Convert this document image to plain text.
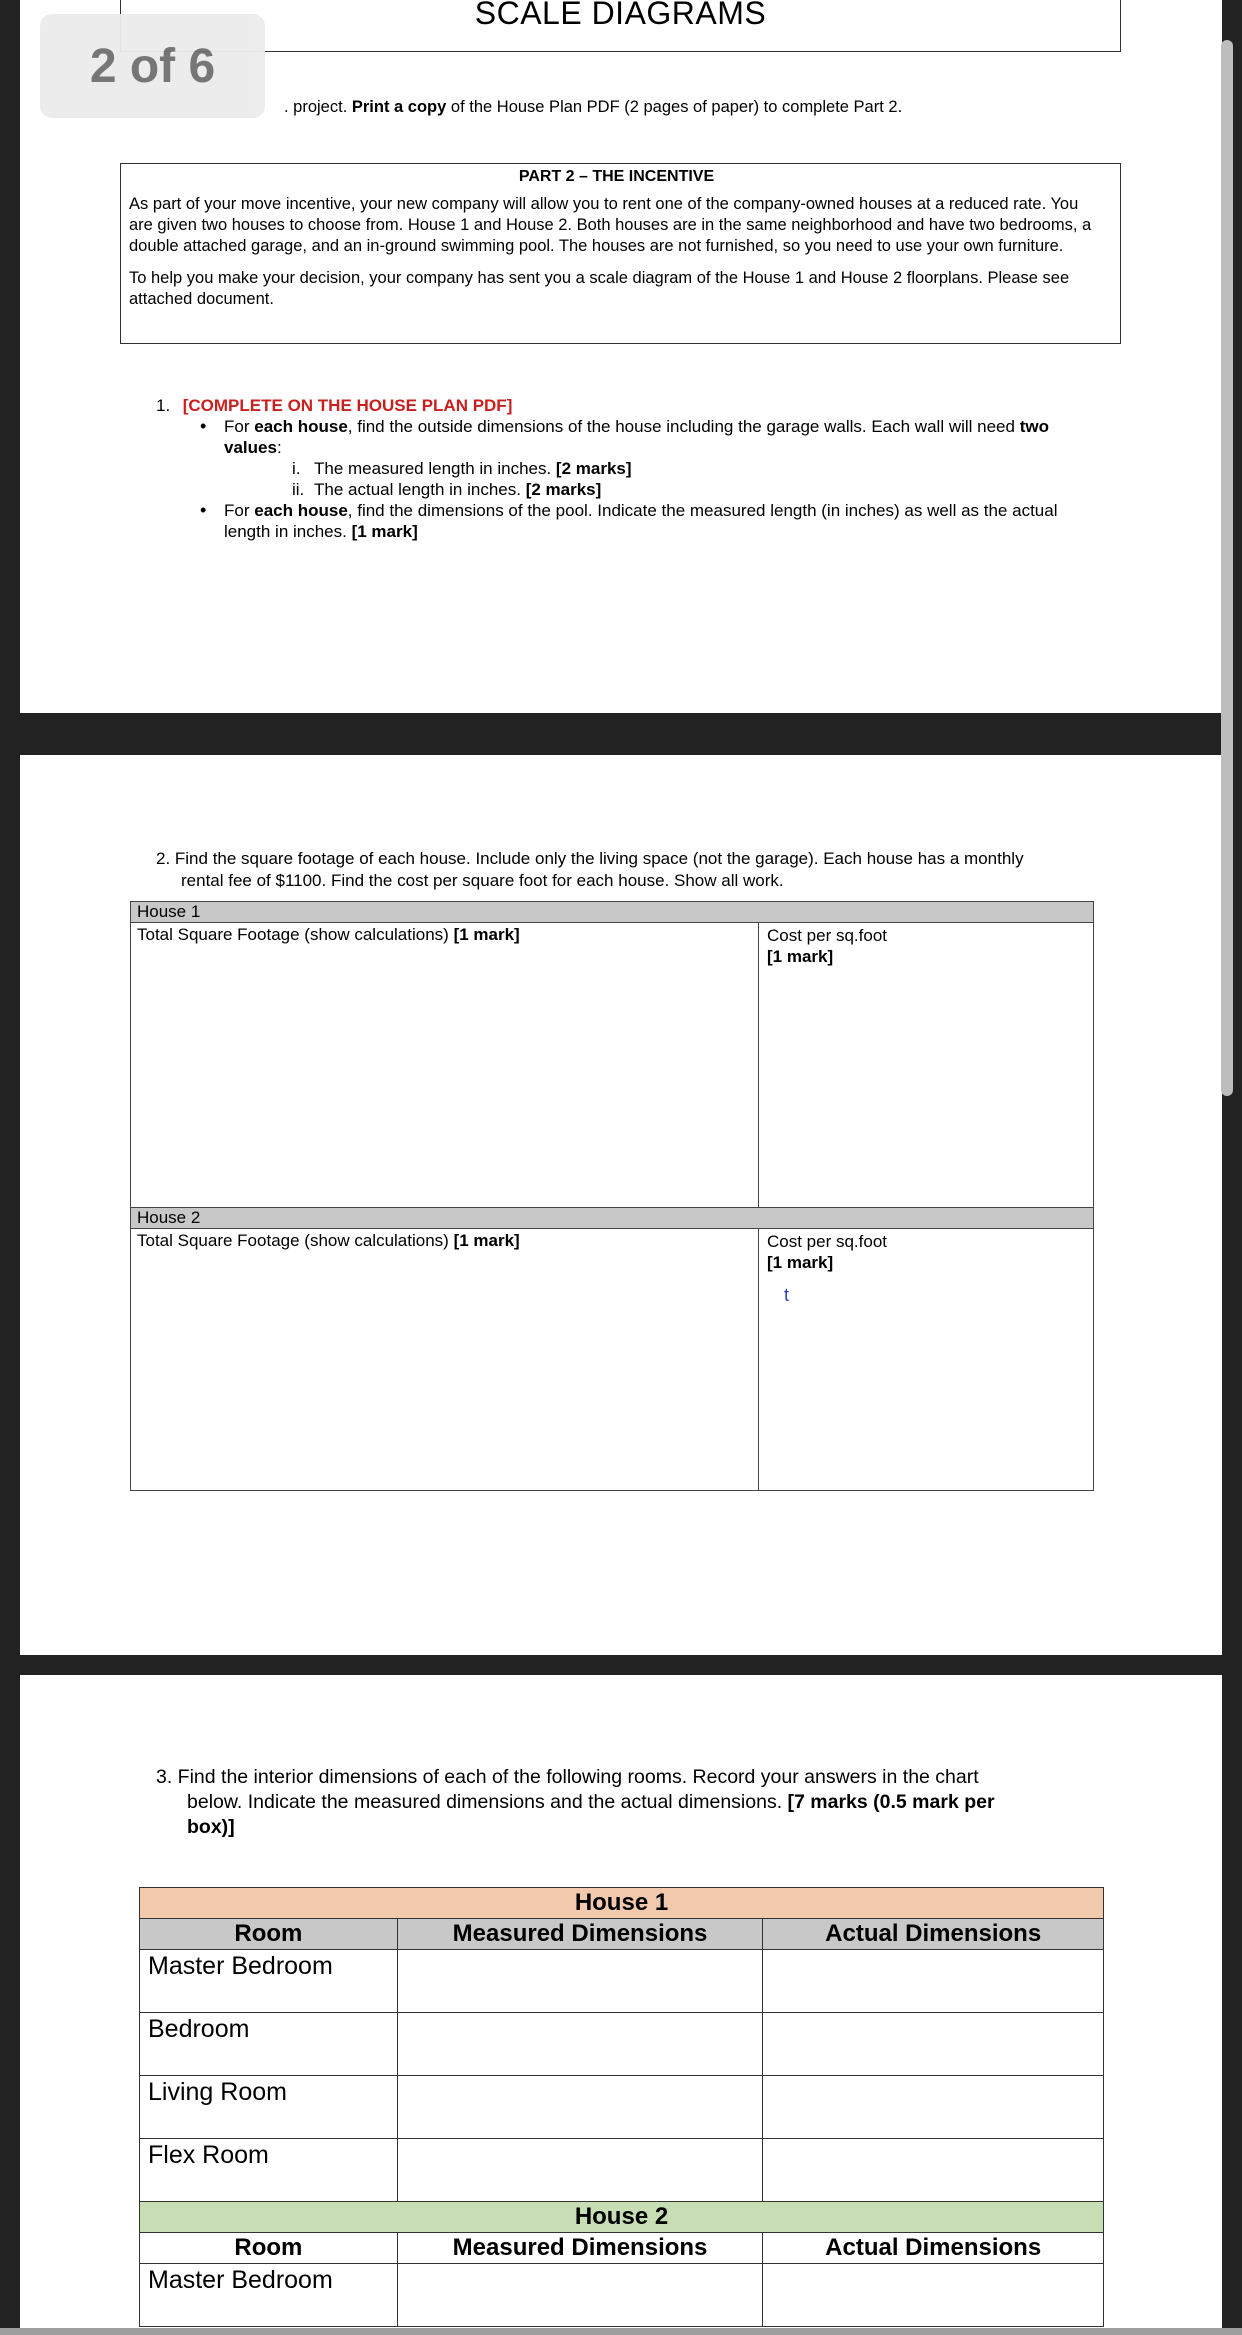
SCALE DIAGRAMS
. project. Print a copy of the House Plan PDF (2 pages of paper) to complete Part 2.
PART 2 – THE INCENTIVE

As part of your move incentive, your new company will allow you to rent one of the company-owned houses at a reduced rate. You are given two houses to choose from. House 1 and House 2. Both houses are in the same neighborhood and have two bedrooms, a double attached garage, and an in-ground swimming pool. The houses are not furnished, so you need to use your own furniture.

To help you make your decision, your company has sent you a scale diagram of the House 1 and House 2 floorplans. Please see attached document.

1. [COMPLETE ON THE HOUSE PLAN PDF]
• For each house, find the outside dimensions of the house including the garage walls. Each wall will need two values:
i. The measured length in inches. [2 marks]
ii. The actual length in inches. [2 marks]
• For each house, find the dimensions of the pool. Indicate the measured length (in inches) as well as the actual length in inches. [1 mark]
2 of 6
2. Find the square footage of each house. Include only the living space (not the garage). Each house has a monthly
rental fee of $1100. Find the cost per square foot for each house. Show all work.
House 1
Total Square Footage (show calculations) [1 mark]	Cost per sq.foot
[1 mark]
House 2
Total Square Footage (show calculations) [1 mark]	Cost per sq.foot
[1 mark]
t
3. Find the interior dimensions of each of the following rooms. Record your answers in the chart
below. Indicate the measured dimensions and the actual dimensions. [7 marks (0.5 mark per
box)]
House 1		
Room	Measured Dimensions	Actual Dimensions
Master Bedroom		
Bedroom		
Living Room		
Flex Room		
House 2		
Room	Measured Dimensions	Actual Dimensions
Master Bedroom		
